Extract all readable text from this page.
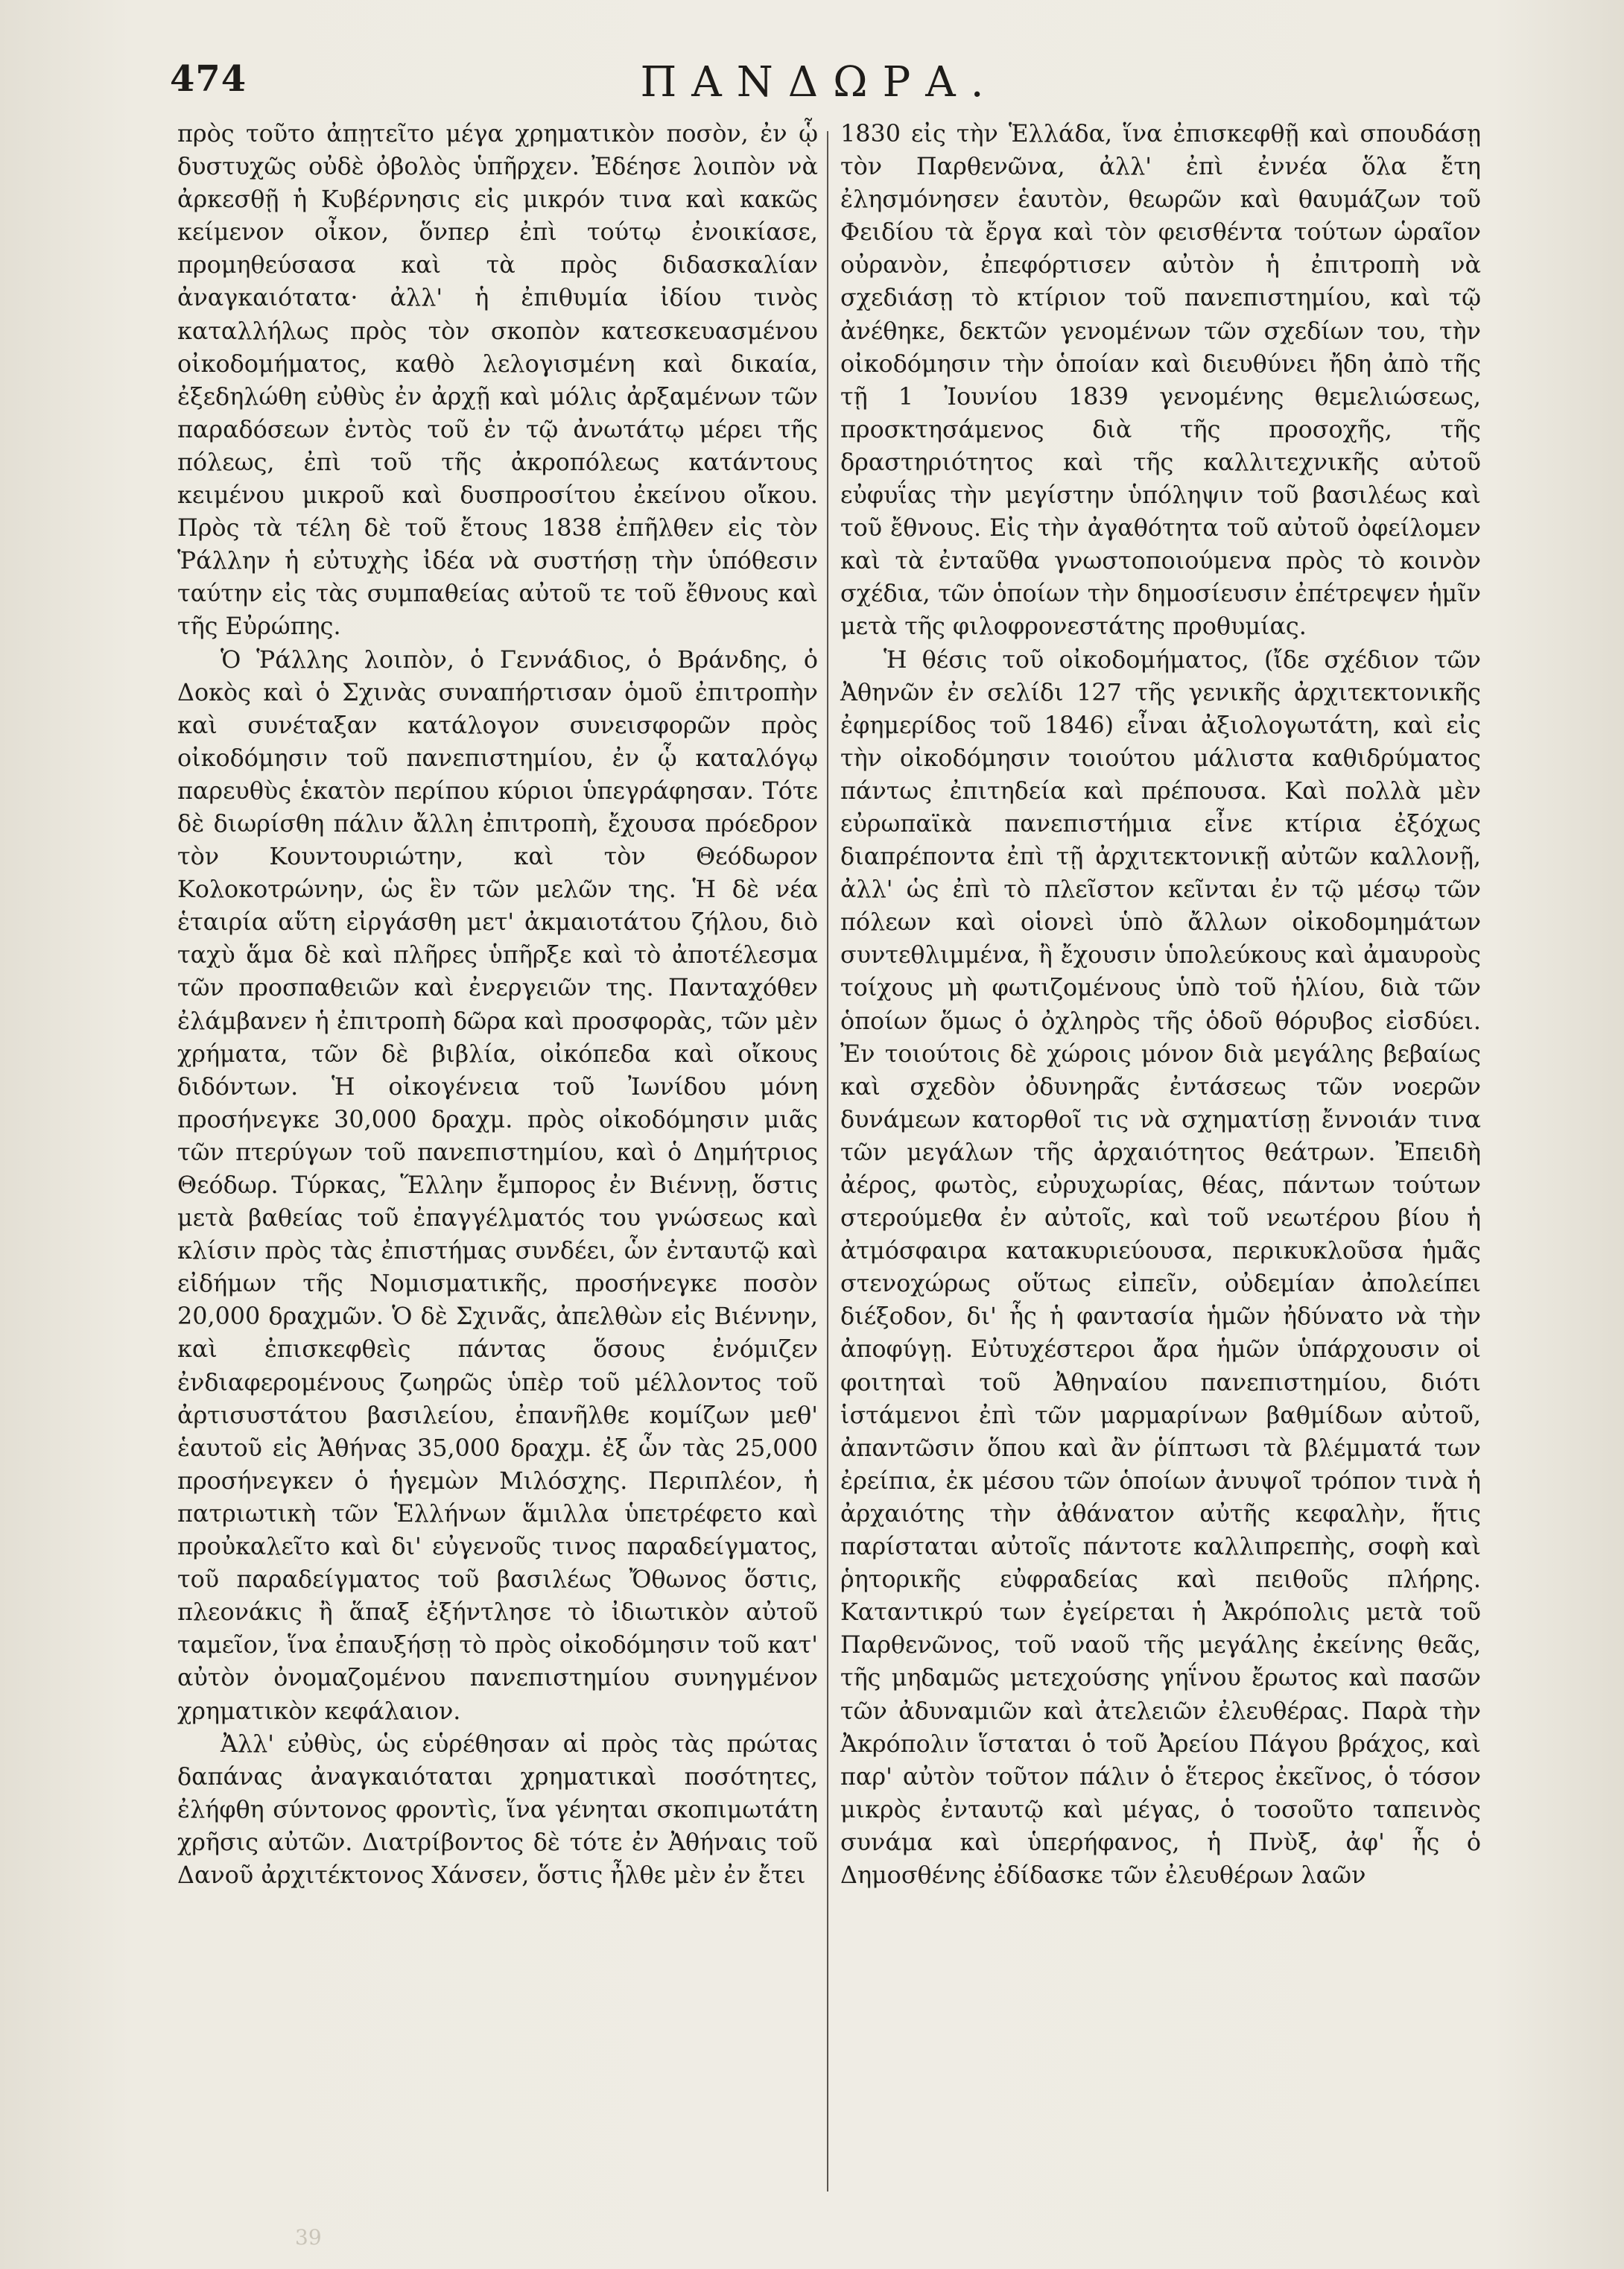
474	ΠΑΝΔΩΡΑ.

πρὸς τοῦτο ἀπῃτεῖτο μέγα χρηματικὸν ποσὸν, ἐν ᾧ δυστυχῶς οὐδὲ ὀβολὸς ὑπῆρχεν. Ἐδέησε λοιπὸν νὰ ἀρκεσθῇ ἡ Κυβέρνησις εἰς μικρόν τινα καὶ κακῶς κείμενον οἶκον, ὅνπερ ἐπὶ τούτῳ ἐνοικίασε, προμηθεύσασα καὶ τὰ πρὸς διδασκαλίαν ἀναγκαιότατα· ἀλλ' ἡ ἐπιθυμία ἰδίου τινὸς καταλλήλως πρὸς τὸν σκοπὸν κατεσκευασμένου οἰκοδομήματος, καθὸ λελογισμένη καὶ δικαία, ἐξεδηλώθη εὐθὺς ἐν ἀρχῇ καὶ μόλις ἀρξαμένων τῶν παραδόσεων ἐντὸς τοῦ ἐν τῷ ἀνωτάτῳ μέρει τῆς πόλεως, ἐπὶ τοῦ τῆς ἀκροπόλεως κατάντους κειμένου μικροῦ καὶ δυσπροσίτου ἐκείνου οἴκου. Πρὸς τὰ τέλη δὲ τοῦ ἔτους 1838 ἐπῆλθεν εἰς τὸν Ῥάλλην ἡ εὐτυχὴς ἰδέα νὰ συστήσῃ τὴν ὑπόθεσιν ταύτην εἰς τὰς συμπαθείας αὐτοῦ τε τοῦ ἔθνους καὶ τῆς Εὐρώπης.

Ὁ Ῥάλλης λοιπὸν, ὁ Γεννάδιος, ὁ Βράνδης, ὁ Δοκὸς καὶ ὁ Σχινὰς συναπήρτισαν ὁμοῦ ἐπιτροπὴν καὶ συνέταξαν κατάλογον συνεισφορῶν πρὸς οἰκοδόμησιν τοῦ πανεπιστημίου, ἐν ᾧ καταλόγῳ παρευθὺς ἑκατὸν περίπου κύριοι ὑπεγράφησαν. Τότε δὲ διωρίσθη πάλιν ἄλλη ἐπιτροπὴ, ἔχουσα πρόεδρον τὸν Κουντουριώτην, καὶ τὸν Θεόδωρον Κολοκοτρώνην, ὡς ἓν τῶν μελῶν της. Ἡ δὲ νέα ἑταιρία αὕτη εἰργάσθη μετ' ἀκμαιοτάτου ζήλου, διὸ ταχὺ ἅμα δὲ καὶ πλῆρες ὑπῆρξε καὶ τὸ ἀποτέλεσμα τῶν προσπαθειῶν καὶ ἐνεργειῶν της. Πανταχόθεν ἐλάμβανεν ἡ ἐπιτροπὴ δῶρα καὶ προσφορὰς, τῶν μὲν χρήματα, τῶν δὲ βιβλία, οἰκόπεδα καὶ οἴκους διδόντων. Ἡ οἰκογένεια τοῦ Ἰωνίδου μόνη προσήνεγκε 30,000 δραχμ. πρὸς οἰκοδόμησιν μιᾶς τῶν πτερύγων τοῦ πανεπιστημίου, καὶ ὁ Δημήτριος Θεόδωρ. Τύρκας, Ἕλλην ἔμπορος ἐν Βιέννῃ, ὅστις μετὰ βαθείας τοῦ ἐπαγγέλματός του γνώσεως καὶ κλίσιν πρὸς τὰς ἐπιστήμας συνδέει, ὧν ἐνταυτῷ καὶ εἰδήμων τῆς Νομισματικῆς, προσήνεγκε ποσὸν 20,000 δραχμῶν. Ὁ δὲ Σχινᾶς, ἀπελθὼν εἰς Βιέννην, καὶ ἐπισκεφθεὶς πάντας ὅσους ἐνόμιζεν ἐνδιαφερομένους ζωηρῶς ὑπὲρ τοῦ μέλλοντος τοῦ ἀρτισυστάτου βασιλείου, ἐπανῆλθε κομίζων μεθ' ἑαυτοῦ εἰς Ἀθήνας 35,000 δραχμ. ἐξ ὧν τὰς 25,000 προσήνεγκεν ὁ ἡγεμὼν Μιλόσχης. Περιπλέον, ἡ πατριωτικὴ τῶν Ἑλλήνων ἅμιλλα ὑπετρέφετο καὶ προὐκαλεῖτο καὶ δι' εὐγενοῦς τινος παραδείγματος, τοῦ παραδείγματος τοῦ βασιλέως Ὄθωνος ὅστις, πλεονάκις ἢ ἅπαξ ἐξήντλησε τὸ ἰδιωτικὸν αὐτοῦ ταμεῖον, ἵνα ἐπαυξήσῃ τὸ πρὸς οἰκοδόμησιν τοῦ κατ' αὐτὸν ὀνομαζομένου πανεπιστημίου συνηγμένον χρηματικὸν κεφάλαιον.

Ἀλλ' εὐθὺς, ὡς εὑρέθησαν αἱ πρὸς τὰς πρώτας δαπάνας ἀναγκαιόταται χρηματικαὶ ποσότητες, ἐλήφθη σύντονος φροντὶς, ἵνα γένηται σκοπιμωτάτη χρῆσις αὐτῶν. Διατρίβοντος δὲ τότε ἐν Ἀθήναις τοῦ Δανοῦ ἀρχιτέκτονος Χάνσεν, ὅστις ἦλθε μὲν ἐν ἔτει

1830 εἰς τὴν Ἑλλάδα, ἵνα ἐπισκεφθῇ καὶ σπουδάσῃ τὸν Παρθενῶνα, ἀλλ' ἐπὶ ἐννέα ὅλα ἔτη ἐλησμόνησεν ἑαυτὸν, θεωρῶν καὶ θαυμάζων τοῦ Φειδίου τὰ ἔργα καὶ τὸν φεισθέντα τούτων ὡραῖον οὐρανὸν, ἐπεφόρτισεν αὐτὸν ἡ ἐπιτροπὴ νὰ σχεδιάσῃ τὸ κτίριον τοῦ πανεπιστημίου, καὶ τῷ ἀνέθηκε, δεκτῶν γενομένων τῶν σχεδίων του, τὴν οἰκοδόμησιν τὴν ὁποίαν καὶ διευθύνει ἤδη ἀπὸ τῆς τῇ 1 Ἰουνίου 1839 γενομένης θεμελιώσεως, προσκτησάμενος διὰ τῆς προσοχῆς, τῆς δραστηριότητος καὶ τῆς καλλιτεχνικῆς αὐτοῦ εὐφυΐας τὴν μεγίστην ὑπόληψιν τοῦ βασιλέως καὶ τοῦ ἔθνους. Εἰς τὴν ἀγαθότητα τοῦ αὐτοῦ ὀφείλομεν καὶ τὰ ἐνταῦθα γνωστοποιούμενα πρὸς τὸ κοινὸν σχέδια, τῶν ὁποίων τὴν δημοσίευσιν ἐπέτρεψεν ἡμῖν μετὰ τῆς φιλοφρονεστάτης προθυμίας.

Ἡ θέσις τοῦ οἰκοδομήματος, (ἴδε σχέδιον τῶν Ἀθηνῶν ἐν σελίδι 127 τῆς γενικῆς ἀρχιτεκτονικῆς ἐφημερίδος τοῦ 1846) εἶναι ἀξιολογωτάτη, καὶ εἰς τὴν οἰκοδόμησιν τοιούτου μάλιστα καθιδρύματος πάντως ἐπιτηδεία καὶ πρέπουσα. Καὶ πολλὰ μὲν εὐρωπαϊκὰ πανεπιστήμια εἶνε κτίρια ἐξόχως διαπρέποντα ἐπὶ τῇ ἀρχιτεκτονικῇ αὐτῶν καλλονῇ, ἀλλ' ὡς ἐπὶ τὸ πλεῖστον κεῖνται ἐν τῷ μέσῳ τῶν πόλεων καὶ οἱονεὶ ὑπὸ ἄλλων οἰκοδομημάτων συντεθλιμμένα, ἢ ἔχουσιν ὑπολεύκους καὶ ἀμαυροὺς τοίχους μὴ φωτιζομένους ὑπὸ τοῦ ἡλίου, διὰ τῶν ὁποίων ὅμως ὁ ὀχληρὸς τῆς ὁδοῦ θόρυβος εἰσδύει. Ἐν τοιούτοις δὲ χώροις μόνον διὰ μεγάλης βεβαίως καὶ σχεδὸν ὀδυνηρᾶς ἐντάσεως τῶν νοερῶν δυνάμεων κατορθοῖ τις νὰ σχηματίσῃ ἔννοιάν τινα τῶν μεγάλων τῆς ἀρχαιότητος θεάτρων. Ἐπειδὴ ἀέρος, φωτὸς, εὐρυχωρίας, θέας, πάντων τούτων στερούμεθα ἐν αὐτοῖς, καὶ τοῦ νεωτέρου βίου ἡ ἀτμόσφαιρα κατακυριεύουσα, περικυκλοῦσα ἡμᾶς στενοχώρως οὕτως εἰπεῖν, οὐδεμίαν ἀπολείπει διέξοδον, δι' ἧς ἡ φαντασία ἡμῶν ἠδύνατο νὰ τὴν ἀποφύγῃ. Εὐτυχέστεροι ἄρα ἡμῶν ὑπάρχουσιν οἱ φοιτηταὶ τοῦ Ἀθηναίου πανεπιστημίου, διότι ἱστάμενοι ἐπὶ τῶν μαρμαρίνων βαθμίδων αὐτοῦ, ἀπαντῶσιν ὅπου καὶ ἂν ῥίπτωσι τὰ βλέμματά των ἐρείπια, ἐκ μέσου τῶν ὁποίων ἀνυψοῖ τρόπον τινὰ ἡ ἀρχαιότης τὴν ἀθάνατον αὐτῆς κεφαλὴν, ἥτις παρίσταται αὐτοῖς πάντοτε καλλιπρεπὴς, σοφὴ καὶ ῥητορικῆς εὐφραδείας καὶ πειθοῦς πλήρης. Καταντικρύ των ἐγείρεται ἡ Ἀκρόπολις μετὰ τοῦ Παρθενῶνος, τοῦ ναοῦ τῆς μεγάλης ἐκείνης θεᾶς, τῆς μηδαμῶς μετεχούσης γηΐνου ἔρωτος καὶ πασῶν τῶν ἀδυναμιῶν καὶ ἀτελειῶν ἐλευθέρας. Παρὰ τὴν Ἀκρόπολιν ἵσταται ὁ τοῦ Ἀρείου Πάγου βράχος, καὶ παρ' αὐτὸν τοῦτον πάλιν ὁ ἕτερος ἐκεῖνος, ὁ τόσον μικρὸς ἐνταυτῷ καὶ μέγας, ὁ τοσοῦτο ταπεινὸς συνάμα καὶ ὑπερήφανος, ἡ Πνὺξ, ἀφ' ἧς ὁ Δημοσθένης ἐδίδασκε τῶν ἐλευθέρων λαῶν

39
